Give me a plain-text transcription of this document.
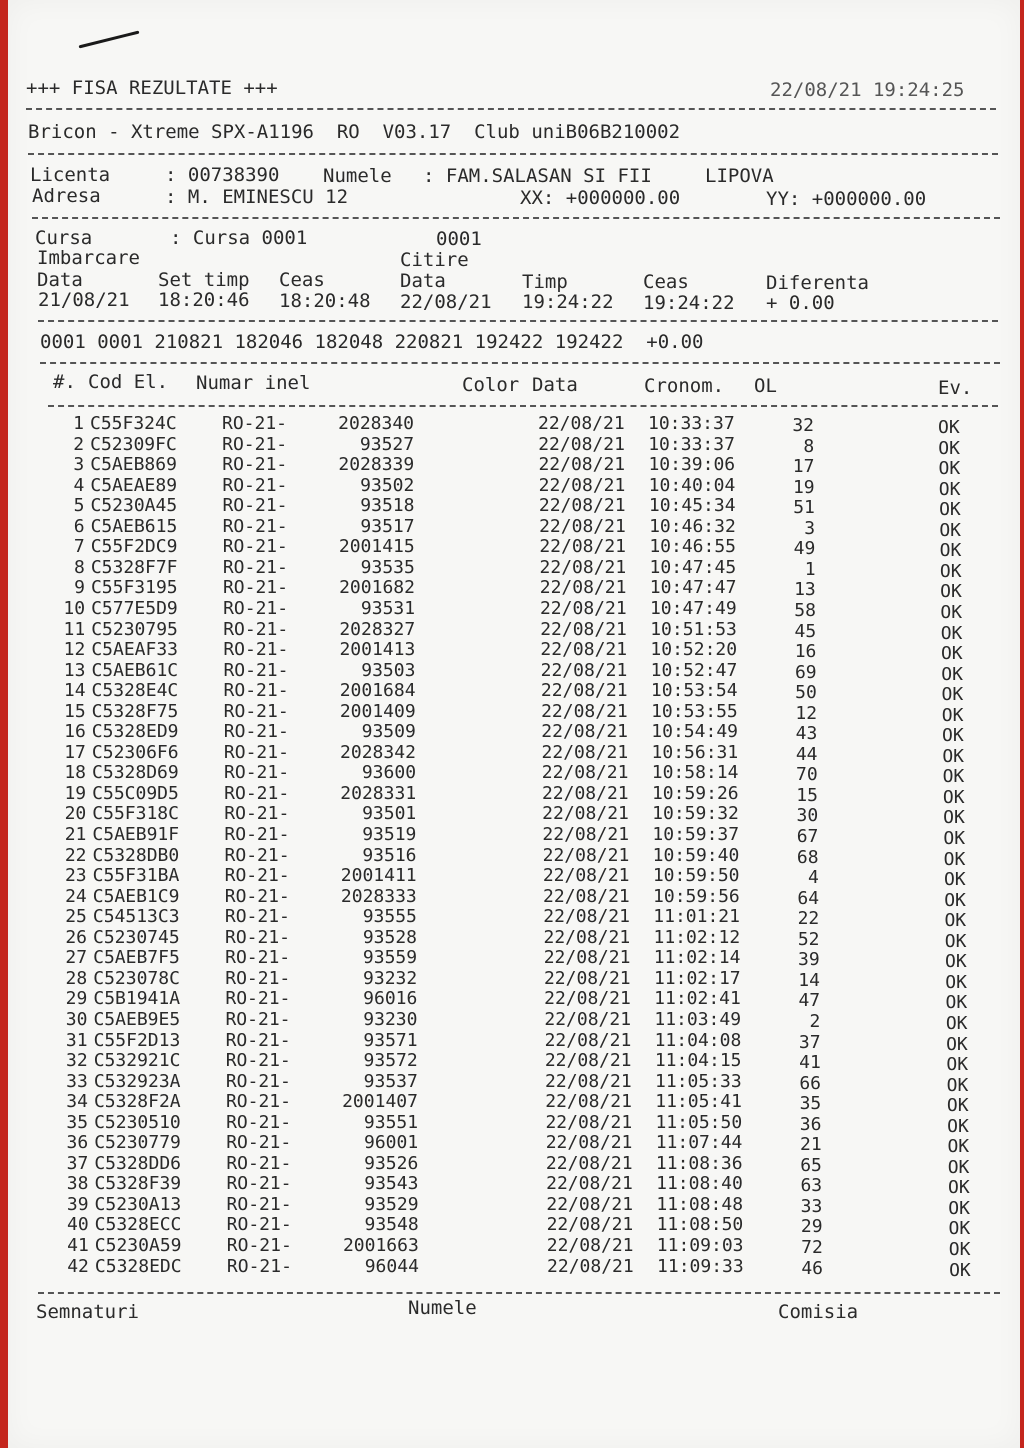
+++ FISA REZULTATE +++	22/08/21 19:24:25
Bricon - Xtreme SPX-A1196  RO  V03.17  Club uniB06B210002
Licenta	: 00738390 Numele : FAM.SALASAN SI FII	LIPOVA
Adresa	: M. EMINESCU 12	XX: +000000.00	YY: +000000.00
Cursa	: Cursa 0001	0001
Imbarcare	Citire
Data	Set timp Ceas	Data	Timp	Ceas	Diferenta
21/08/21 18:20:46 18:20:48 22/08/21 19:24:22 19:24:22 + 0.00
0001 0001 210821 182046 182048 220821 192422 192422  +0.00
#. Cod El. Numar inel	Color Data	Cronom. OL	Ev.
1 C55F324C	RO-21-	2028340	22/08/21	10:33:37	32	OK
2 C52309FC	RO-21-	93527	22/08/21	10:33:37	8	OK
3 C5AEB869	RO-21-	2028339	22/08/21	10:39:06	17	OK
4 C5AEAE89	RO-21-	93502	22/08/21	10:40:04	19	OK
5 C5230A45	RO-21-	93518	22/08/21	10:45:34	51	OK
6 C5AEB615	RO-21-	93517	22/08/21	10:46:32	3	OK
7 C55F2DC9	RO-21-	2001415	22/08/21	10:46:55	49	OK
8 C5328F7F	RO-21-	93535	22/08/21	10:47:45	1	OK
9 C55F3195	RO-21-	2001682	22/08/21	10:47:47	13	OK
10 C577E5D9	RO-21-	93531	22/08/21	10:47:49	58	OK
11 C5230795	RO-21-	2028327	22/08/21	10:51:53	45	OK
12 C5AEAF33	RO-21-	2001413	22/08/21	10:52:20	16	OK
13 C5AEB61C	RO-21-	93503	22/08/21	10:52:47	69	OK
14 C5328E4C	RO-21-	2001684	22/08/21	10:53:54	50	OK
15 C5328F75	RO-21-	2001409	22/08/21	10:53:55	12	OK
16 C5328ED9	RO-21-	93509	22/08/21	10:54:49	43	OK
17 C52306F6	RO-21-	2028342	22/08/21	10:56:31	44	OK
18 C5328D69	RO-21-	93600	22/08/21	10:58:14	70	OK
19 C55C09D5	RO-21-	2028331	22/08/21	10:59:26	15	OK
20 C55F318C	RO-21-	93501	22/08/21	10:59:32	30	OK
21 C5AEB91F	RO-21-	93519	22/08/21	10:59:37	67	OK
22 C5328DB0	RO-21-	93516	22/08/21	10:59:40	68	OK
23 C55F31BA	RO-21-	2001411	22/08/21	10:59:50	4	OK
24 C5AEB1C9	RO-21-	2028333	22/08/21	10:59:56	64	OK
25 C54513C3	RO-21-	93555	22/08/21	11:01:21	22	OK
26 C5230745	RO-21-	93528	22/08/21	11:02:12	52	OK
27 C5AEB7F5	RO-21-	93559	22/08/21	11:02:14	39	OK
28 C523078C	RO-21-	93232	22/08/21	11:02:17	14	OK
29 C5B1941A	RO-21-	96016	22/08/21	11:02:41	47	OK
30 C5AEB9E5	RO-21-	93230	22/08/21	11:03:49	2	OK
31 C55F2D13	RO-21-	93571	22/08/21	11:04:08	37	OK
32 C532921C	RO-21-	93572	22/08/21	11:04:15	41	OK
33 C532923A	RO-21-	93537	22/08/21	11:05:33	66	OK
34 C5328F2A	RO-21-	2001407	22/08/21	11:05:41	35	OK
35 C5230510	RO-21-	93551	22/08/21	11:05:50	36	OK
36 C5230779	RO-21-	96001	22/08/21	11:07:44	21	OK
37 C5328DD6	RO-21-	93526	22/08/21	11:08:36	65	OK
38 C5328F39	RO-21-	93543	22/08/21	11:08:40	63	OK
39 C5230A13	RO-21-	93529	22/08/21	11:08:48	33	OK
40 C5328ECC	RO-21-	93548	22/08/21	11:08:50	29	OK
41 C5230A59	RO-21-	2001663	22/08/21	11:09:03	72	OK
42 C5328EDC	RO-21-	96044	22/08/21	11:09:33	46	OK
Semnaturi	Numele	Comisia
